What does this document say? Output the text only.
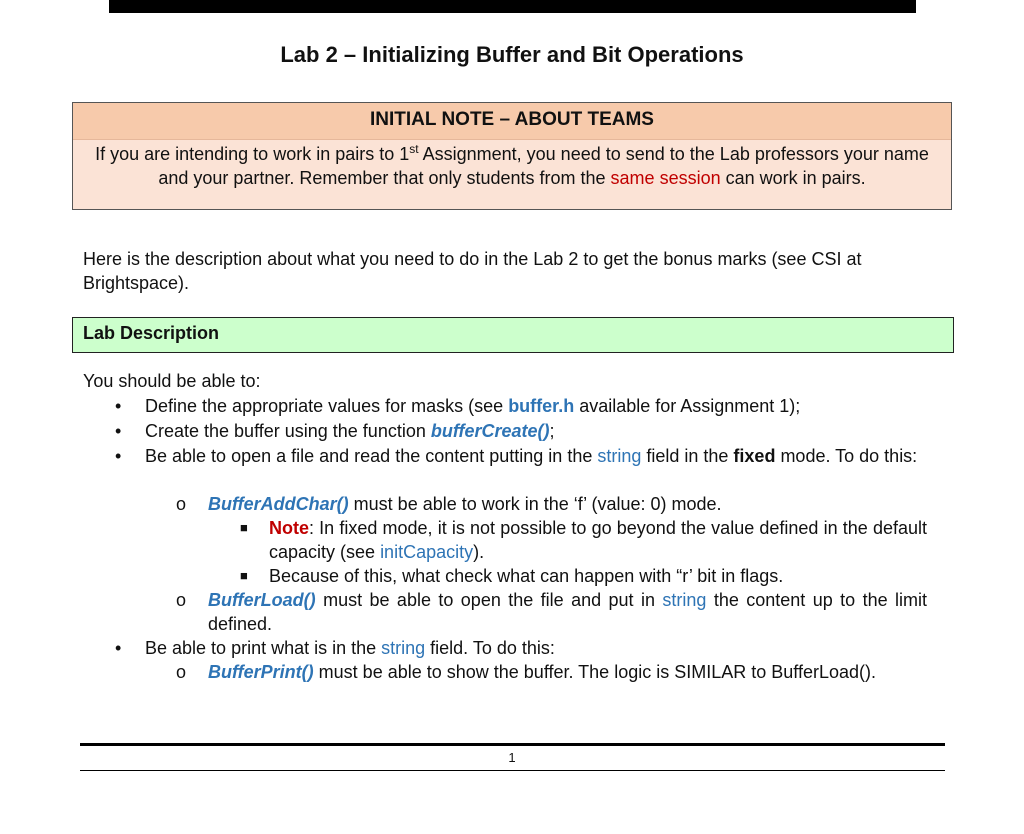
Lab 2 – Initializing Buffer and Bit Operations
INITIAL NOTE – ABOUT TEAMS
If you are intending to work in pairs to 1st Assignment, you need to send to the Lab professors your name and your partner. Remember that only students from the same session can work in pairs.
Here is the description about what you need to do in the Lab 2 to get the bonus marks (see CSI at Brightspace).
Lab Description
You should be able to:
• Define the appropriate values for masks (see buffer.h available for Assignment 1);
• Create the buffer using the function bufferCreate();
• Be able to open a file and read the content putting in the string field in the fixed mode. To do this:
o BufferAddChar() must be able to work in the ‘f’ (value: 0) mode.
■ Note: In fixed mode, it is not possible to go beyond the value defined in the default capacity (see initCapacity).
■ Because of this, what check what can happen with “r’ bit in flags.
o BufferLoad() must be able to open the file and put in string the content up to the limit defined.
• Be able to print what is in the string field. To do this:
o BufferPrint() must be able to show the buffer. The logic is SIMILAR to BufferLoad().
1
